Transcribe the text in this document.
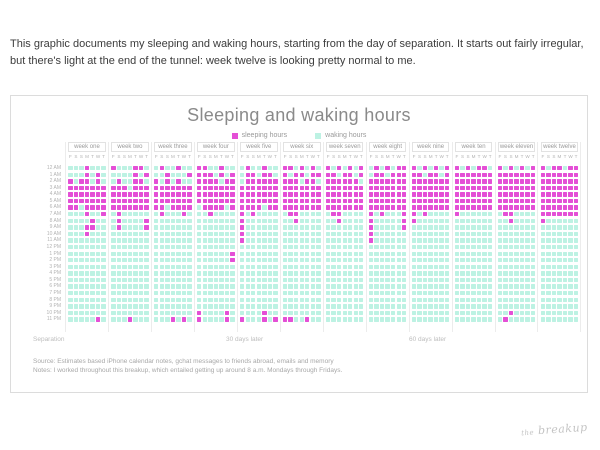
This graphic documents my sleeping and waking hours, starting from the day of separation. It starts out fairly irregular, but there's light at the end of the tunnel: week twelve is looking pretty normal to me.

Sleeping and waking hours
sleeping hours	waking hours
12 AM
1 AM
2 AM
3 AM
4 AM
5 AM
6 AM
7 AM
8 AM
9 AM
10 AM
11 AM
12 PM
1 PM
2 PM
3 PM
4 PM
5 PM
6 PM
7 PM
8 PM
9 PM
10 PM
11 PM
week one
F S S M T W T
week two
F S S M T W T
week three
F S S M T W T
week four
F S S M T W T
week five
F S S M T W T
week six
F S S M T W T
week seven
F S S M T W T
week eight
F S S M T W T
week nine
F S S M T W T
week ten
F S S M T W T
week eleven
F S S M T W T
week twelve
F S S M T W T
Separation	30 days later	60 days later
Source: Estimates based iPhone calendar notes, gchat messages to friends abroad, emails and memory
Notes: I worked throughout this breakup, which entailed getting up around 8 a.m. Mondays through Fridays.
the breakup
